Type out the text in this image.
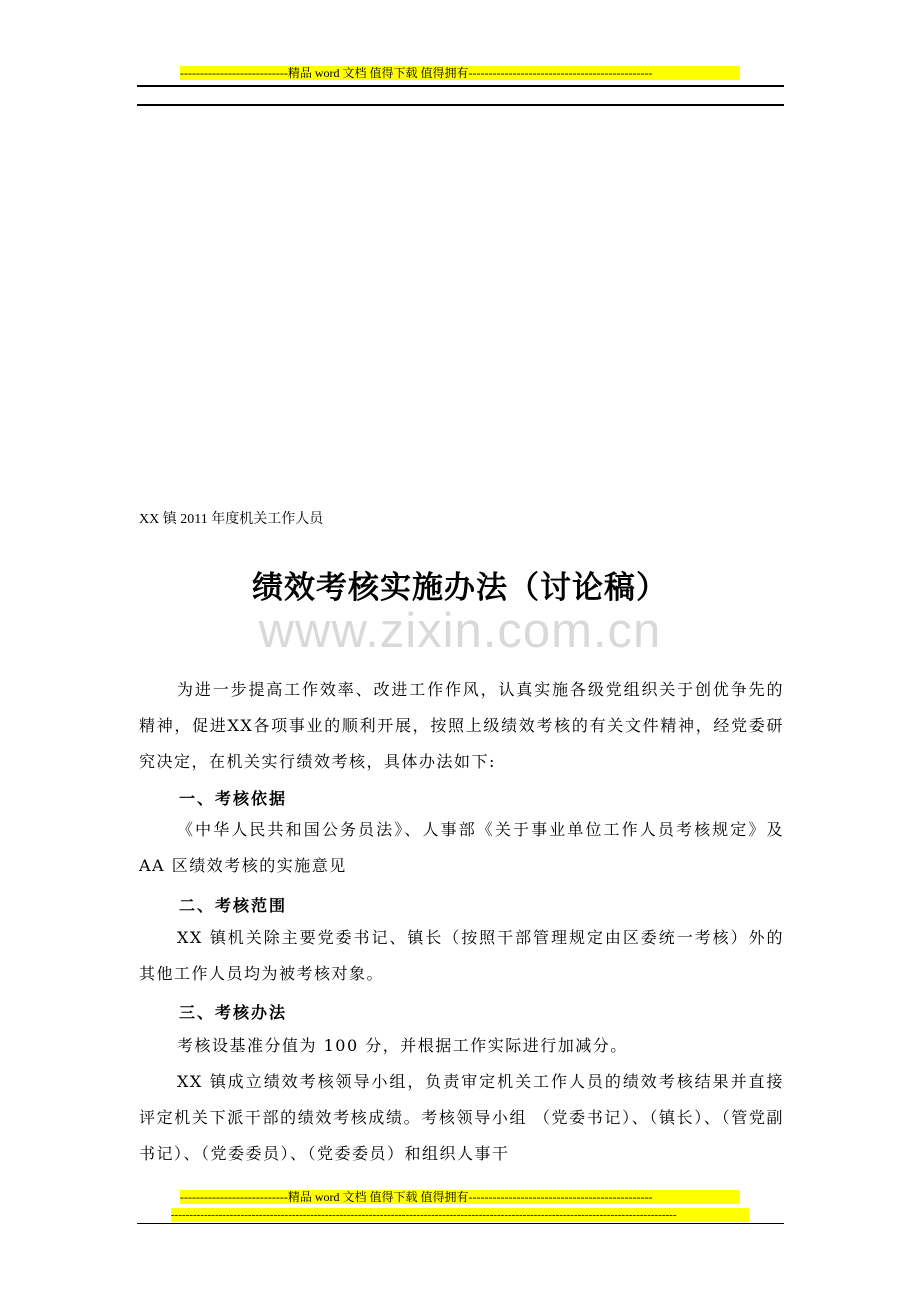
---------------------------精品 word 文档 值得下载 值得拥有----------------------------------------------
XX 镇 2011 年度机关工作人员
绩效考核实施办法（讨论稿）
www.zixin.com.cn
为进一步提高工作效率、改进工作作风，认真实施各级党组织关于创优争先的精神，促进XX各项事业的顺利开展，按照上级绩效考核的有关文件精神，经党委研究决定，在机关实行绩效考核，具体办法如下:
一、考核依据
《中华人民共和国公务员法》、人事部《关于事业单位工作人员考核规定》及 AA 区绩效考核的实施意见
二、考核范围
XX 镇机关除主要党委书记、镇长（按照干部管理规定由区委统一考核）外的其他工作人员均为被考核对象。
三、考核办法
考核设基准分值为 100 分，并根据工作实际进行加减分。
XX 镇成立绩效考核领导小组，负责审定机关工作人员的绩效考核结果并直接评定机关下派干部的绩效考核成绩。考核领导小组 （党委书记）、（镇长）、（管党副书记）、（党委委员）、（党委委员）和组织人事干
---------------------------精品 word 文档 值得下载 值得拥有----------------------------------------------
------------------------------------------------------------------------------------------------------------------------------------------
